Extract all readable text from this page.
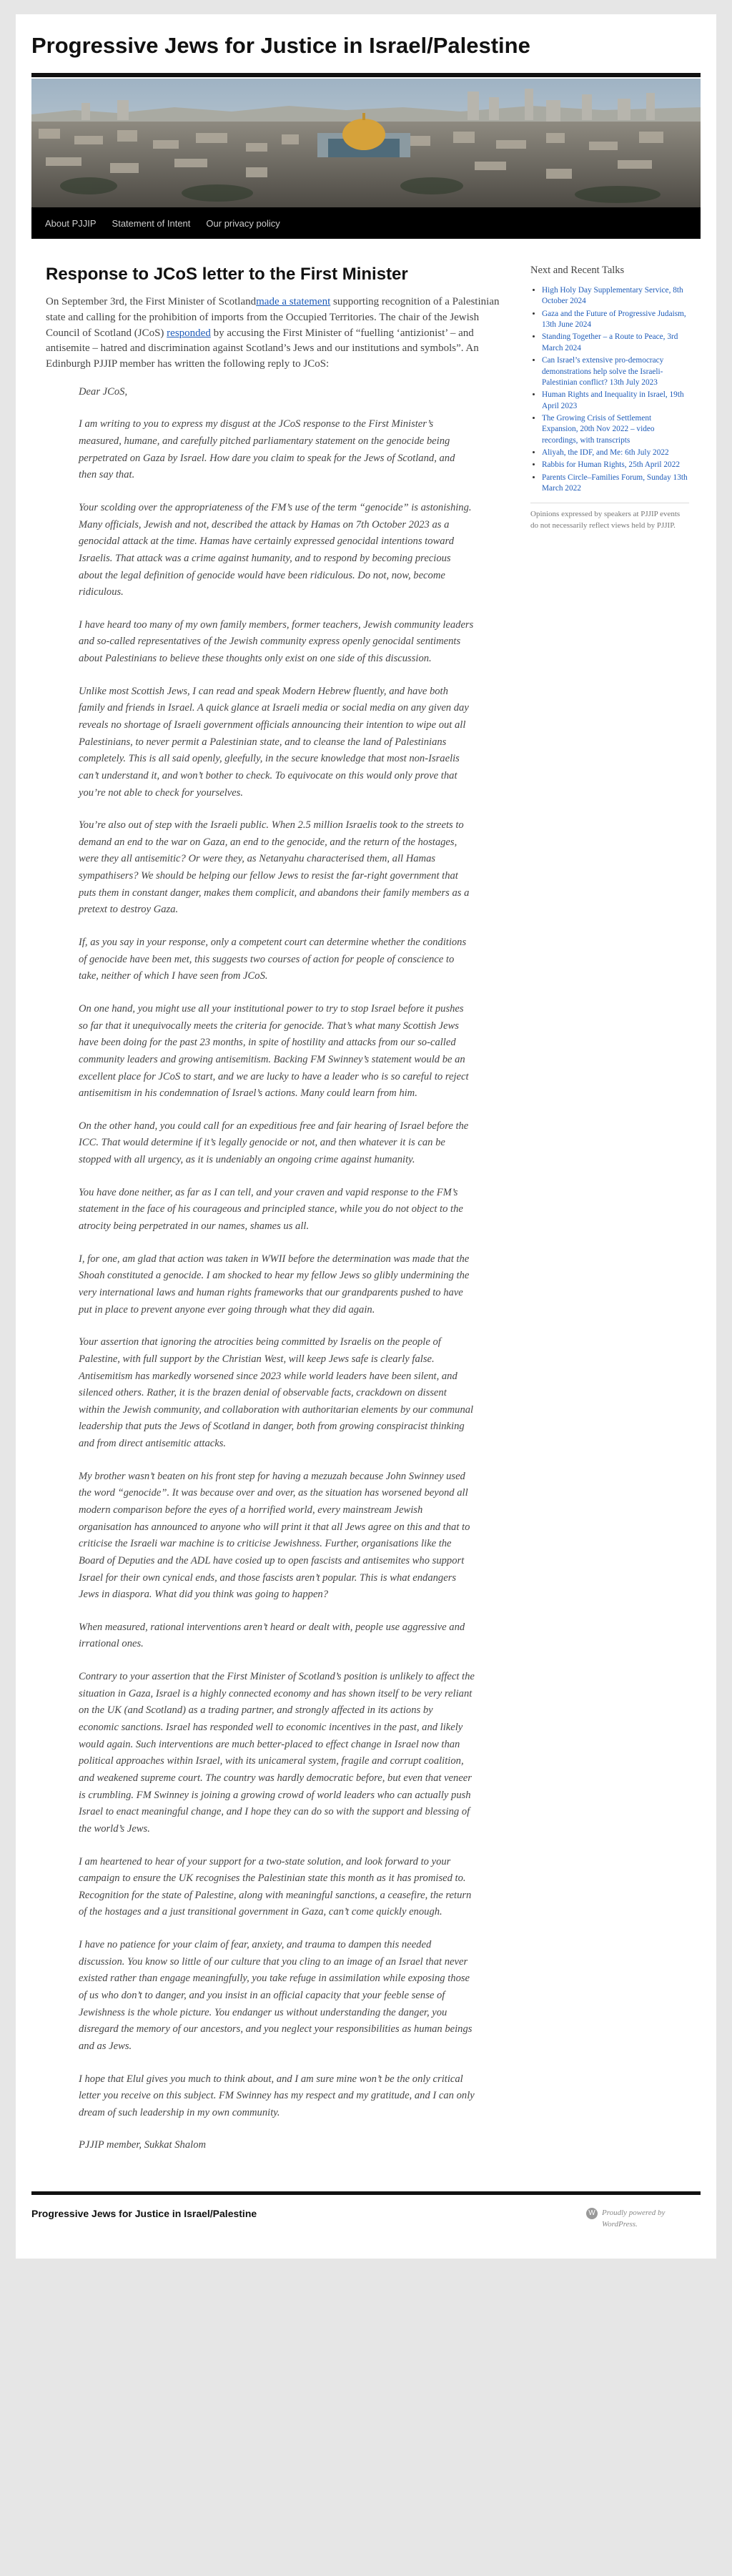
Progressive Jews for Justice in Israel/Palestine
About PJJIP	Statement of Intent	Our privacy policy
Response to JCoS letter to the First Minister

On September 3rd, the First Minister of Scotlandmade a statement supporting recognition of a Palestinian state and calling for the prohibition of imports from the Occupied Territories. The chair of the Jewish Council of Scotland (JCoS) responded by accusing the First Minister of “fuelling ‘antizionist’ – and antisemite – hatred and discrimination against Scotland’s Jews and our institutions and symbols”. An Edinburgh PJJIP member has written the following reply to JCoS:

Dear JCoS,

I am writing to you to express my disgust at the JCoS response to the First Minister’s measured, humane, and carefully pitched parliamentary statement on the genocide being perpetrated on Gaza by Israel. How dare you claim to speak for the Jews of Scotland, and then say that.

Your scolding over the appropriateness of the FM’s use of the term “genocide” is astonishing. Many officials, Jewish and not, described the attack by Hamas on 7th October 2023 as a genocidal attack at the time. Hamas have certainly expressed genocidal intentions toward Israelis. That attack was a crime against humanity, and to respond by becoming precious about the legal definition of genocide would have been ridiculous. Do not, now, become ridiculous.

I have heard too many of my own family members, former teachers, Jewish community leaders and so-called representatives of the Jewish community express openly genocidal sentiments about Palestinians to believe these thoughts only exist on one side of this discussion.

Unlike most Scottish Jews, I can read and speak Modern Hebrew fluently, and have both family and friends in Israel. A quick glance at Israeli media or social media on any given day reveals no shortage of Israeli government officials announcing their intention to wipe out all Palestinians, to never permit a Palestinian state, and to cleanse the land of Palestinians completely. This is all said openly, gleefully, in the secure knowledge that most non-Israelis can’t understand it, and won’t bother to check. To equivocate on this would only prove that you’re not able to check for yourselves.

You’re also out of step with the Israeli public. When 2.5 million Israelis took to the streets to demand an end to the war on Gaza, an end to the genocide, and the return of the hostages, were they all antisemitic? Or were they, as Netanyahu characterised them, all Hamas sympathisers? We should be helping our fellow Jews to resist the far-right government that puts them in constant danger, makes them complicit, and abandons their family members as a pretext to destroy Gaza.

If, as you say in your response, only a competent court can determine whether the conditions of genocide have been met, this suggests two courses of action for people of conscience to take, neither of which I have seen from JCoS.

On one hand, you might use all your institutional power to try to stop Israel before it pushes so far that it unequivocally meets the criteria for genocide. That’s what many Scottish Jews have been doing for the past 23 months, in spite of hostility and attacks from our so-called community leaders and growing antisemitism. Backing FM Swinney’s statement would be an excellent place for JCoS to start, and we are lucky to have a leader who is so careful to reject antisemitism in his condemnation of Israel’s actions. Many could learn from him.

On the other hand, you could call for an expeditious free and fair hearing of Israel before the ICC. That would determine if it’s legally genocide or not, and then whatever it is can be stopped with all urgency, as it is undeniably an ongoing crime against humanity.

You have done neither, as far as I can tell, and your craven and vapid response to the FM’s statement in the face of his courageous and principled stance, while you do not object to the atrocity being perpetrated in our names, shames us all.

I, for one, am glad that action was taken in WWII before the determination was made that the Shoah constituted a genocide. I am shocked to hear my fellow Jews so glibly undermining the very international laws and human rights frameworks that our grandparents pushed to have put in place to prevent anyone ever going through what they did again.

Your assertion that ignoring the atrocities being committed by Israelis on the people of Palestine, with full support by the Christian West, will keep Jews safe is clearly false. Antisemitism has markedly worsened since 2023 while world leaders have been silent, and silenced others. Rather, it is the brazen denial of observable facts, crackdown on dissent within the Jewish community, and collaboration with authoritarian elements by our communal leadership that puts the Jews of Scotland in danger, both from growing conspiracist thinking and from direct antisemitic attacks.

My brother wasn’t beaten on his front step for having a mezuzah because John Swinney used the word “genocide”. It was because over and over, as the situation has worsened beyond all modern comparison before the eyes of a horrified world, every mainstream Jewish organisation has announced to anyone who will print it that all Jews agree on this and that to criticise the Israeli war machine is to criticise Jewishness. Further, organisations like the Board of Deputies and the ADL have cosied up to open fascists and antisemites who support Israel for their own cynical ends, and those fascists aren’t popular. This is what endangers Jews in diaspora. What did you think was going to happen?

When measured, rational interventions aren’t heard or dealt with, people use aggressive and irrational ones.

Contrary to your assertion that the First Minister of Scotland’s position is unlikely to affect the situation in Gaza, Israel is a highly connected economy and has shown itself to be very reliant on the UK (and Scotland) as a trading partner, and strongly affected in its actions by economic sanctions. Israel has responded well to economic incentives in the past, and likely would again. Such interventions are much better-placed to effect change in Israel now than political approaches within Israel, with its unicameral system, fragile and corrupt coalition, and weakened supreme court. The country was hardly democratic before, but even that veneer is crumbling. FM Swinney is joining a growing crowd of world leaders who can actually push Israel to enact meaningful change, and I hope they can do so with the support and blessing of the world’s Jews.

I am heartened to hear of your support for a two-state solution, and look forward to your campaign to ensure the UK recognises the Palestinian state this month as it has promised to. Recognition for the state of Palestine, along with meaningful sanctions, a ceasefire, the return of the hostages and a just transitional government in Gaza, can’t come quickly enough.

I have no patience for your claim of fear, anxiety, and trauma to dampen this needed discussion. You know so little of our culture that you cling to an image of an Israel that never existed rather than engage meaningfully, you take refuge in assimilation while exposing those of us who don’t to danger, and you insist in an official capacity that your feeble sense of Jewishness is the whole picture. You endanger us without understanding the danger, you disregard the memory of our ancestors, and you neglect your responsibilities as human beings and as Jews.

I hope that Elul gives you much to think about, and I am sure mine won’t be the only critical letter you receive on this subject. FM Swinney has my respect and my gratitude, and I can only dream of such leadership in my own community.

PJJIP member, Sukkat Shalom

Next and Recent Talks
• High Holy Day Supplementary Service, 8th October 2024
• Gaza and the Future of Progressive Judaism, 13th June 2024
• Standing Together – a Route to Peace, 3rd March 2024
• Can Israel’s extensive pro-democracy demonstrations help solve the Israeli-Palestinian conflict? 13th July 2023
• Human Rights and Inequality in Israel, 19th April 2023
• The Growing Crisis of Settlement Expansion, 20th Nov 2022 – video recordings, with transcripts
• Aliyah, the IDF, and Me: 6th July 2022
• Rabbis for Human Rights, 25th April 2022
• Parents Circle–Families Forum, Sunday 13th March 2022

Opinions expressed by speakers at PJJIP events do not necessarily reflect views held by PJJIP.

Progressive Jews for Justice in Israel/Palestine	W Proudly powered by WordPress.
